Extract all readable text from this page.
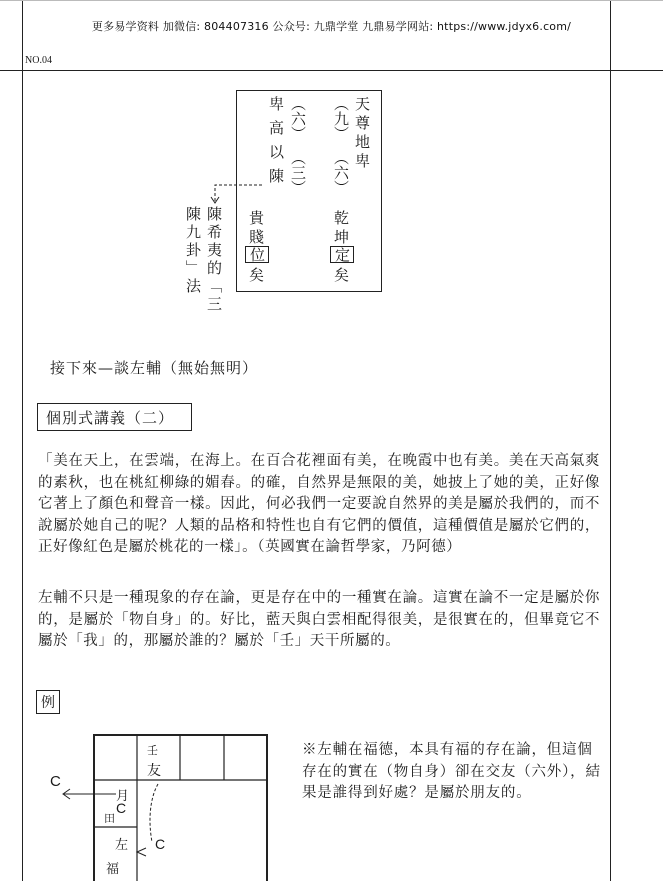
更多易学资料 加微信: 804407316 公众号: 九鼎学堂 九鼎易学网站: https://www.jdyx6.com/
NO.04
天尊地卑
（九）
（六）
乾坤
定
矣
卑高以陳 （六）
（三）
貴賤
位
矣
陳希夷的「三
陳九卦」法
接下來—談左輔（無始無明）
個別式講義（二）
「美在天上，在雲端，在海上。在百合花裡面有美，在晚霞中也有美。美在天高氣爽的素秋，也在桃紅柳綠的媚春。的確，自然界是無限的美，她披上了她的美，正好像它著上了顏色和聲音一樣。因此，何必我們一定要說自然界的美是屬於我們的，而不說屬於她自己的呢？人類的品格和特性也自有它們的價值，這種價值是屬於它們的，正好像紅色是屬於桃花的一樣」。（英國實在論哲學家，乃阿德）
左輔不只是一種現象的存在論，更是存在中的一種實在論。這實在論不一定是屬於你的，是屬於「物自身」的。好比，藍天與白雲相配得很美，是很實在的，但畢竟它不屬於「我」的，那屬於誰的？屬於「壬」天干所屬的。
例
壬
友
月
田
C
左
福
C
C
※左輔在福德，本具有福的存在論，但這個存在的實在（物自身）卻在交友（六外），結果是誰得到好處？是屬於朋友的。
